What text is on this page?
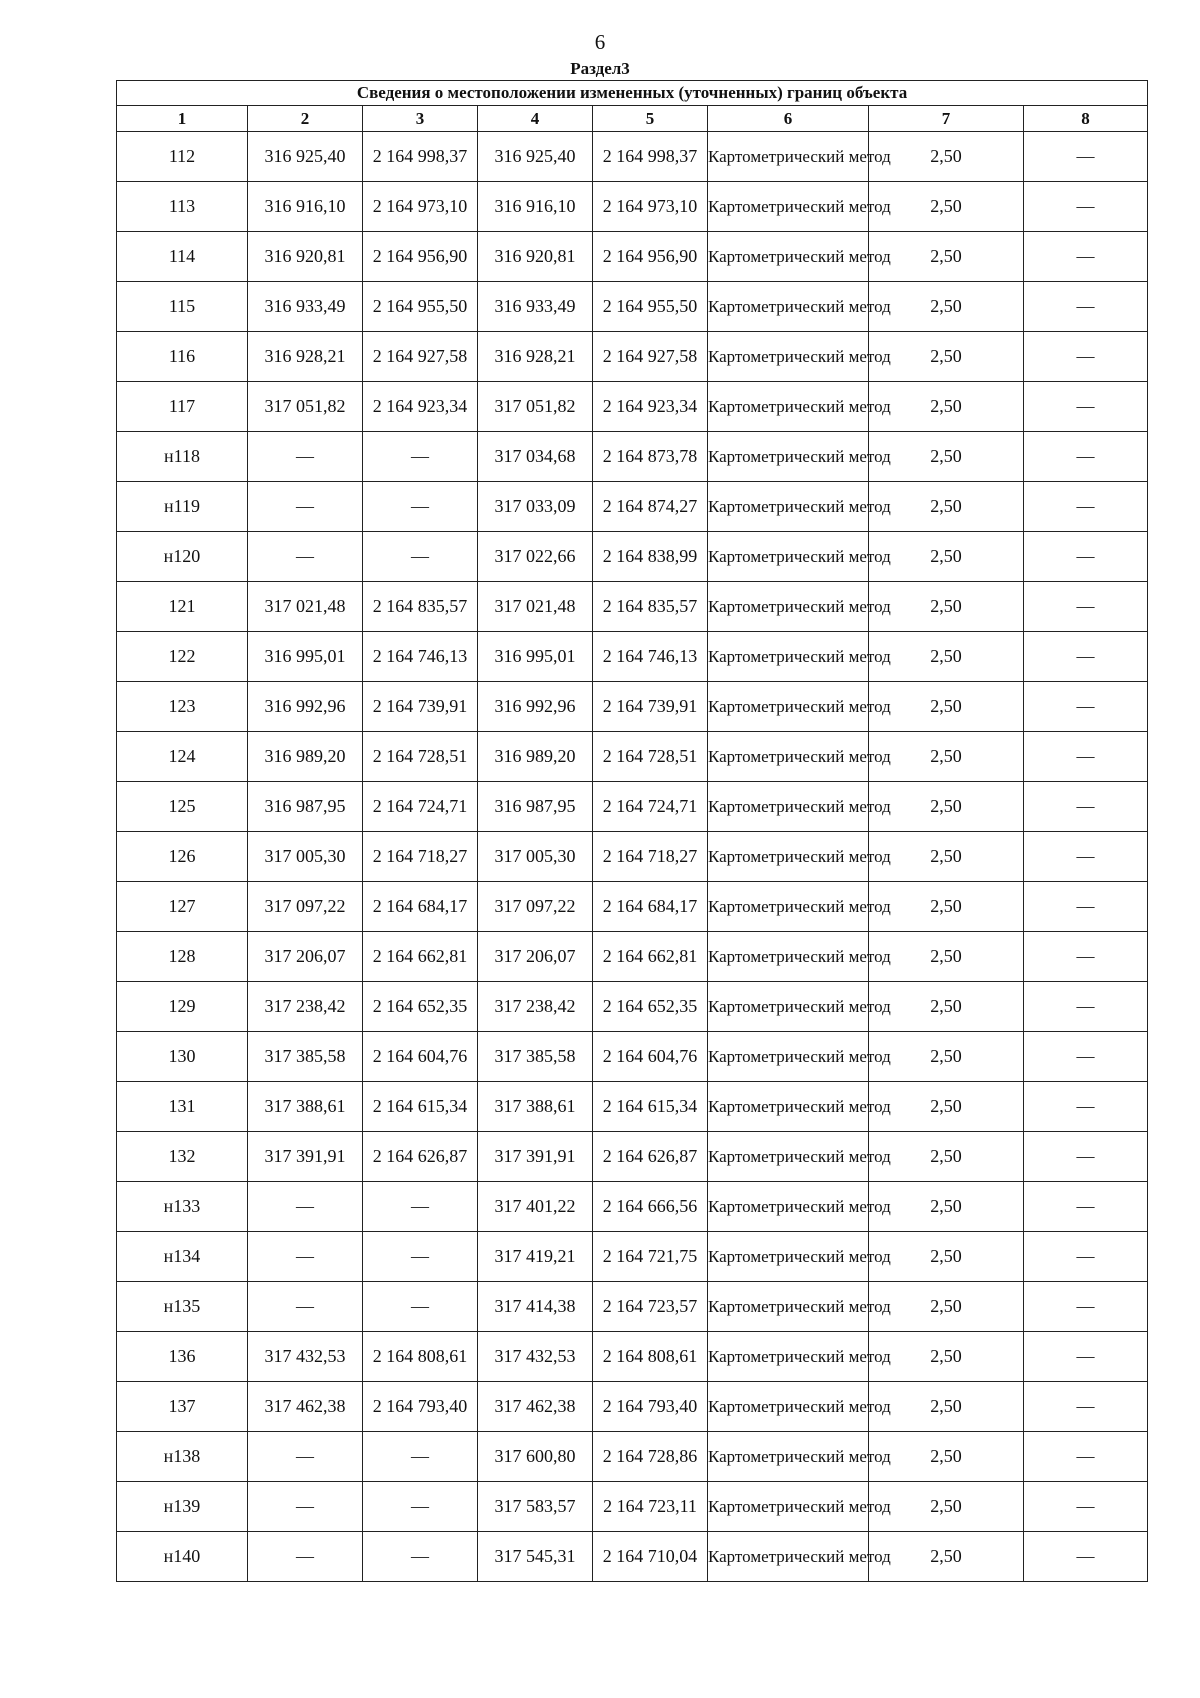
6
Раздел3
Сведения о местоположении измененных (уточненных) границ объекта							
1	2	3	4	5	6	7	8
112	316 925,40	2 164 998,37	316 925,40	2 164 998,37	Картометрический метод	2,50	—
113	316 916,10	2 164 973,10	316 916,10	2 164 973,10	Картометрический метод	2,50	—
114	316 920,81	2 164 956,90	316 920,81	2 164 956,90	Картометрический метод	2,50	—
115	316 933,49	2 164 955,50	316 933,49	2 164 955,50	Картометрический метод	2,50	—
116	316 928,21	2 164 927,58	316 928,21	2 164 927,58	Картометрический метод	2,50	—
117	317 051,82	2 164 923,34	317 051,82	2 164 923,34	Картометрический метод	2,50	—
н118	—	—	317 034,68	2 164 873,78	Картометрический метод	2,50	—
н119	—	—	317 033,09	2 164 874,27	Картометрический метод	2,50	—
н120	—	—	317 022,66	2 164 838,99	Картометрический метод	2,50	—
121	317 021,48	2 164 835,57	317 021,48	2 164 835,57	Картометрический метод	2,50	—
122	316 995,01	2 164 746,13	316 995,01	2 164 746,13	Картометрический метод	2,50	—
123	316 992,96	2 164 739,91	316 992,96	2 164 739,91	Картометрический метод	2,50	—
124	316 989,20	2 164 728,51	316 989,20	2 164 728,51	Картометрический метод	2,50	—
125	316 987,95	2 164 724,71	316 987,95	2 164 724,71	Картометрический метод	2,50	—
126	317 005,30	2 164 718,27	317 005,30	2 164 718,27	Картометрический метод	2,50	—
127	317 097,22	2 164 684,17	317 097,22	2 164 684,17	Картометрический метод	2,50	—
128	317 206,07	2 164 662,81	317 206,07	2 164 662,81	Картометрический метод	2,50	—
129	317 238,42	2 164 652,35	317 238,42	2 164 652,35	Картометрический метод	2,50	—
130	317 385,58	2 164 604,76	317 385,58	2 164 604,76	Картометрический метод	2,50	—
131	317 388,61	2 164 615,34	317 388,61	2 164 615,34	Картометрический метод	2,50	—
132	317 391,91	2 164 626,87	317 391,91	2 164 626,87	Картометрический метод	2,50	—
н133	—	—	317 401,22	2 164 666,56	Картометрический метод	2,50	—
н134	—	—	317 419,21	2 164 721,75	Картометрический метод	2,50	—
н135	—	—	317 414,38	2 164 723,57	Картометрический метод	2,50	—
136	317 432,53	2 164 808,61	317 432,53	2 164 808,61	Картометрический метод	2,50	—
137	317 462,38	2 164 793,40	317 462,38	2 164 793,40	Картометрический метод	2,50	—
н138	—	—	317 600,80	2 164 728,86	Картометрический метод	2,50	—
н139	—	—	317 583,57	2 164 723,11	Картометрический метод	2,50	—
н140	—	—	317 545,31	2 164 710,04	Картометрический метод	2,50	—
